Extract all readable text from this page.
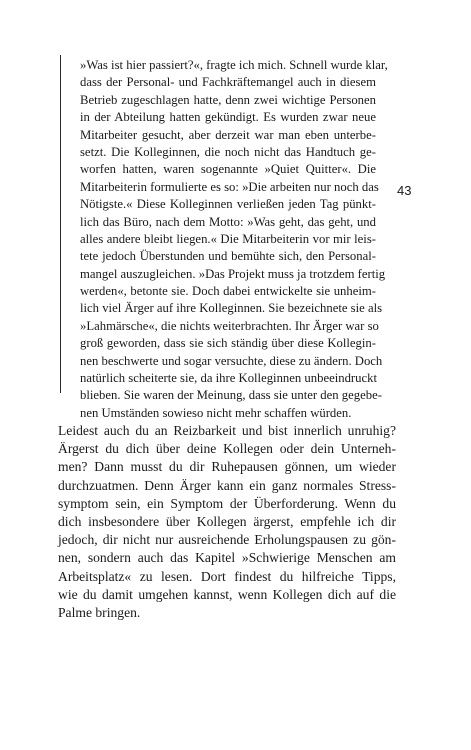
»Was ist hier passiert?«, fragte ich mich. Schnell wurde klar,
dass der Personal- und Fachkräftemangel auch in diesem
Betrieb zugeschlagen hatte, denn zwei wichtige Personen
in der Abteilung hatten gekündigt. Es wurden zwar neue
Mitarbeiter gesucht, aber derzeit war man eben unterbe-
setzt. Die Kolleginnen, die noch nicht das Handtuch ge-
worfen hatten, waren sogenannte »Quiet Quitter«. Die
Mitarbeiterin formulierte es so: »Die arbeiten nur noch das
Nötigste.« Diese Kolleginnen verließen jeden Tag pünkt-
lich das Büro, nach dem Motto: »Was geht, das geht, und
alles andere bleibt liegen.« Die Mitarbeiterin vor mir leis-
tete jedoch Überstunden und bemühte sich, den Personal-
mangel auszugleichen. »Das Projekt muss ja trotzdem fertig
werden«, betonte sie. Doch dabei entwickelte sie unheim-
lich viel Ärger auf ihre Kolleginnen. Sie bezeichnete sie als
»Lahmärsche«, die nichts weiterbrachten. Ihr Ärger war so
groß geworden, dass sie sich ständig über diese Kollegin-
nen beschwerte und sogar versuchte, diese zu ändern. Doch
natürlich scheiterte sie, da ihre Kolleginnen unbeeindruckt
blieben. Sie waren der Meinung, dass sie unter den gegebe-
nen Umständen sowieso nicht mehr schaffen würden.
43
Leidest auch du an Reizbarkeit und bist innerlich unruhig?
Ärgerst du dich über deine Kollegen oder dein Unterneh-
men? Dann musst du dir Ruhepausen gönnen, um wieder
durchzuatmen. Denn Ärger kann ein ganz normales Stress-
symptom sein, ein Symptom der Überforderung. Wenn du
dich insbesondere über Kollegen ärgerst, empfehle ich dir
jedoch, dir nicht nur ausreichende Erholungspausen zu gön-
nen, sondern auch das Kapitel »Schwierige Menschen am
Arbeitsplatz« zu lesen. Dort findest du hilfreiche Tipps,
wie du damit umgehen kannst, wenn Kollegen dich auf die
Palme bringen.
